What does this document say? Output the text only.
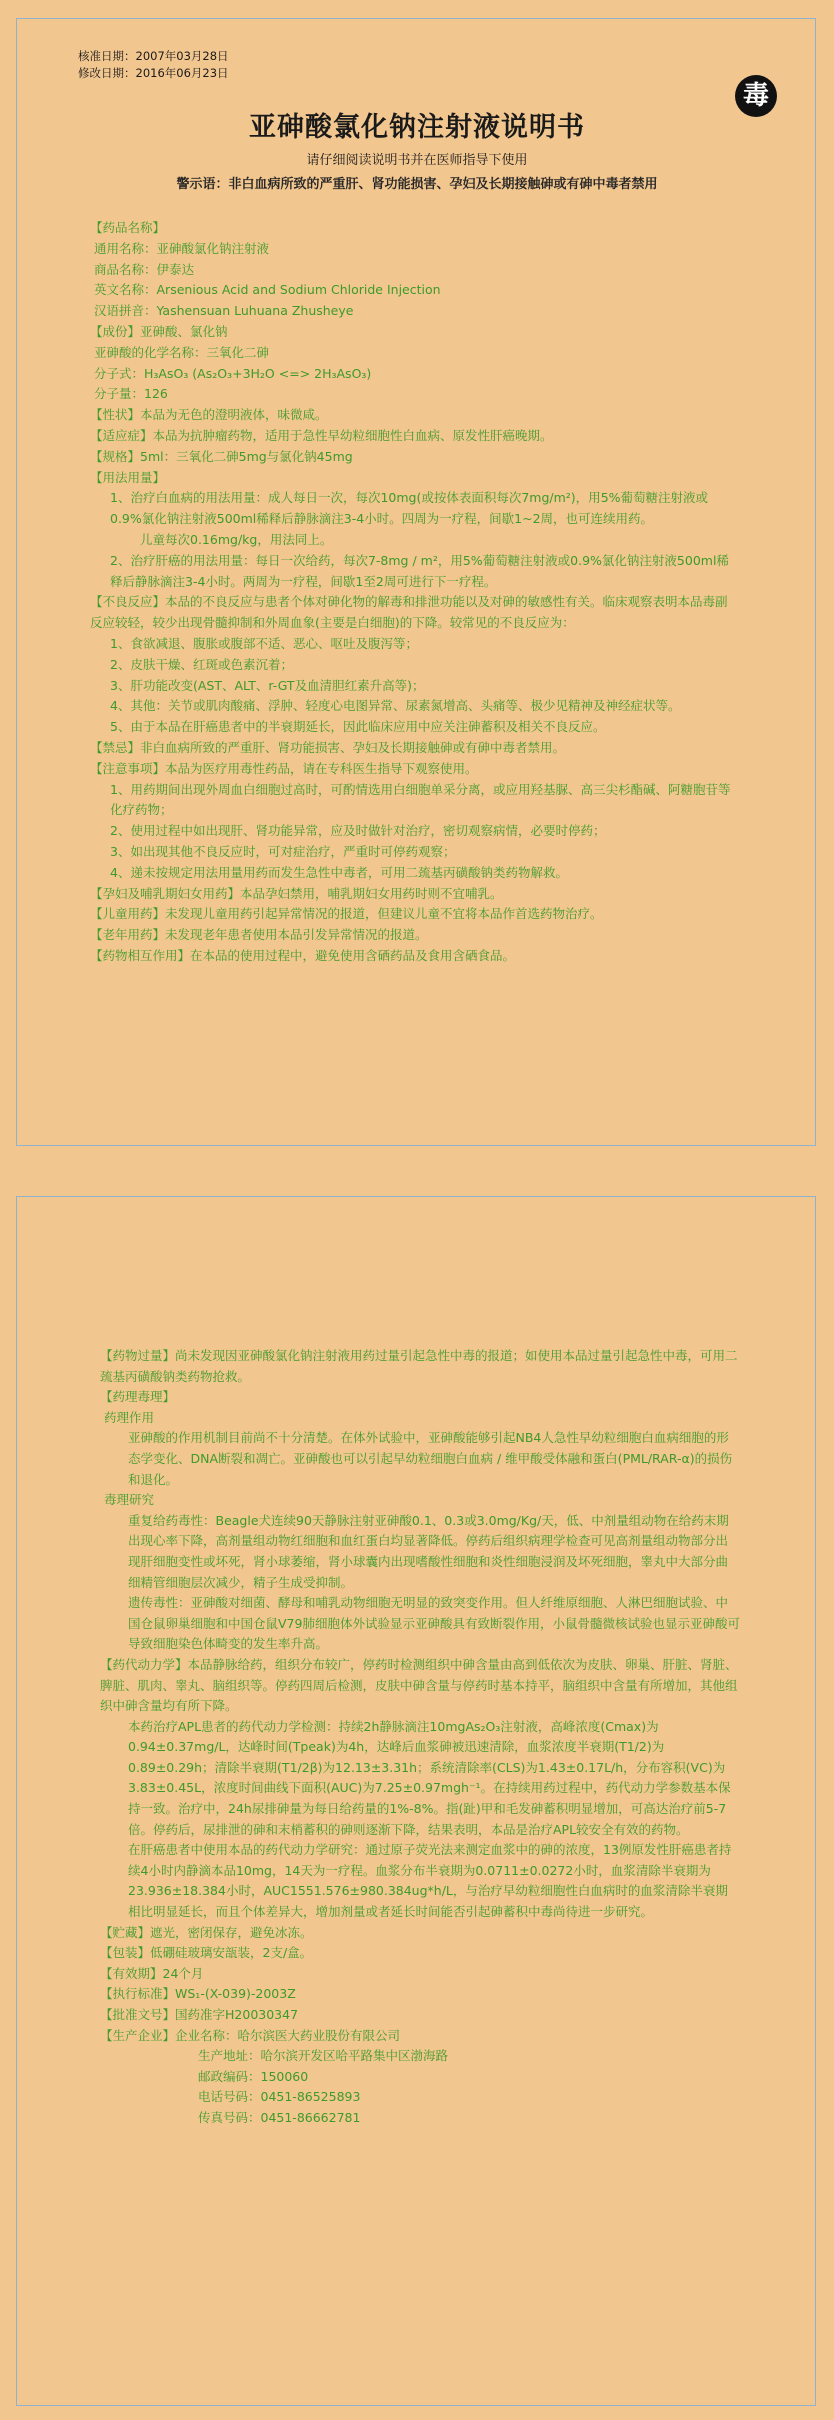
核准日期：2007年03月28日
修改日期：2016年06月23日
毒
亚砷酸氯化钠注射液说明书
请仔细阅读说明书并在医师指导下使用
警示语：非白血病所致的严重肝、肾功能损害、孕妇及长期接触砷或有砷中毒者禁用

【药品名称】

通用名称：亚砷酸氯化钠注射液

商品名称：伊泰达

英文名称：Arsenious Acid and Sodium Chloride Injection

汉语拼音：Yashensuan Luhuana Zhusheye

【成份】亚砷酸、氯化钠

亚砷酸的化学名称：三氧化二砷

分子式：H₃AsO₃ (As₂O₃+3H₂O <=> 2H₃AsO₃)

分子量：126

【性状】本品为无色的澄明液体，味微咸。

【适应症】本品为抗肿瘤药物，适用于急性早幼粒细胞性白血病、原发性肝癌晚期。

【规格】5ml：三氧化二砷5mg与氯化钠45mg

【用法用量】

1、治疗白血病的用法用量：成人每日一次，每次10mg(或按体表面积每次7mg/m²)，用5%葡萄糖注射液或0.9%氯化钠注射液500ml稀释后静脉滴注3-4小时。四周为一疗程，间歇1~2周，也可连续用药。

儿童每次0.16mg/kg，用法同上。

2、治疗肝癌的用法用量：每日一次给药，每次7-8mg / m²，用5%葡萄糖注射液或0.9%氯化钠注射液500ml稀释后静脉滴注3-4小时。两周为一疗程，间歇1至2周可进行下一疗程。

【不良反应】本品的不良反应与患者个体对砷化物的解毒和排泄功能以及对砷的敏感性有关。临床观察表明本品毒副反应较轻，较少出现骨髓抑制和外周血象(主要是白细胞)的下降。较常见的不良反应为：

1、食欲减退、腹胀或腹部不适、恶心、呕吐及腹泻等；

2、皮肤干燥、红斑或色素沉着；

3、肝功能改变(AST、ALT、r-GT及血清胆红素升高等)；

4、其他：关节或肌肉酸痛、浮肿、轻度心电图异常、尿素氮增高、头痛等、极少见精神及神经症状等。

5、由于本品在肝癌患者中的半衰期延长，因此临床应用中应关注砷蓄积及相关不良反应。

【禁忌】非白血病所致的严重肝、肾功能损害、孕妇及长期接触砷或有砷中毒者禁用。

【注意事项】本品为医疗用毒性药品，请在专科医生指导下观察使用。

1、用药期间出现外周血白细胞过高时，可酌情选用白细胞单采分离，或应用羟基脲、高三尖杉酯碱、阿糖胞苷等化疗药物；

2、使用过程中如出现肝、肾功能异常，应及时做针对治疗，密切观察病情，必要时停药；

3、如出现其他不良反应时，可对症治疗，严重时可停药观察；

4、递未按规定用法用量用药而发生急性中毒者，可用二巯基丙磺酸钠类药物解救。

【孕妇及哺乳期妇女用药】本品孕妇禁用，哺乳期妇女用药时则不宜哺乳。

【儿童用药】未发现儿童用药引起异常情况的报道，但建议儿童不宜将本品作首选药物治疗。

【老年用药】未发现老年患者使用本品引发异常情况的报道。

【药物相互作用】在本品的使用过程中，避免使用含硒药品及食用含硒食品。

【药物过量】尚未发现因亚砷酸氯化钠注射液用药过量引起急性中毒的报道；如使用本品过量引起急性中毒，可用二巯基丙磺酸钠类药物抢救。

【药理毒理】

药理作用

亚砷酸的作用机制目前尚不十分清楚。在体外试验中，亚砷酸能够引起NB4人急性早幼粒细胞白血病细胞的形态学变化、DNA断裂和凋亡。亚砷酸也可以引起早幼粒细胞白血病 / 维甲酸受体融和蛋白(PML/RAR-α)的损伤和退化。

毒理研究

重复给药毒性：Beagle犬连续90天静脉注射亚砷酸0.1、0.3或3.0mg/Kg/天，低、中剂量组动物在给药末期出现心率下降，高剂量组动物红细胞和血红蛋白均显著降低。停药后组织病理学检查可见高剂量组动物部分出现肝细胞变性或坏死，肾小球萎缩，肾小球囊内出现嗜酸性细胞和炎性细胞浸润及坏死细胞，睾丸中大部分曲细精管细胞层次减少，精子生成受抑制。

遗传毒性：亚砷酸对细菌、酵母和哺乳动物细胞无明显的致突变作用。但人纤维原细胞、人淋巴细胞试验、中国仓鼠卵巢细胞和中国仓鼠V79肺细胞体外试验显示亚砷酸具有致断裂作用，小鼠骨髓微核试验也显示亚砷酸可导致细胞染色体畸变的发生率升高。

【药代动力学】本品静脉给药，组织分布较广，停药时检测组织中砷含量由高到低依次为皮肤、卵巢、肝脏、肾脏、脾脏、肌肉、睾丸、脑组织等。停药四周后检测，皮肤中砷含量与停药时基本持平，脑组织中含量有所增加，其他组织中砷含量均有所下降。

本药治疗APL患者的药代动力学检测：持续2h静脉滴注10mgAs₂O₃注射液，高峰浓度(Cmax)为0.94±0.37mg/L，达峰时间(Tpeak)为4h，达峰后血浆砷被迅速清除，血浆浓度半衰期(T1/2)为0.89±0.29h；清除半衰期(T1/2β)为12.13±3.31h；系统清除率(CLS)为1.43±0.17L/h，分布容积(VC)为3.83±0.45L，浓度时间曲线下面积(AUC)为7.25±0.97mgh⁻¹。在持续用药过程中，药代动力学参数基本保持一致。治疗中，24h尿排砷量为每日给药量的1%-8%。指(趾)甲和毛发砷蓄积明显增加，可高达治疗前5-7倍。停药后，尿排泄的砷和末梢蓄积的砷则逐渐下降，结果表明，本品是治疗APL较安全有效的药物。

在肝癌患者中使用本品的药代动力学研究：通过原子荧光法来测定血浆中的砷的浓度，13例原发性肝癌患者持续4小时内静滴本品10mg，14天为一疗程。血浆分布半衰期为0.0711±0.0272小时，血浆清除半衰期为23.936±18.384小时，AUC1551.576±980.384ug*h/L，与治疗早幼粒细胞性白血病时的血浆清除半衰期相比明显延长，而且个体差异大，增加剂量或者延长时间能否引起砷蓄积中毒尚待进一步研究。

【贮藏】遮光，密闭保存，避免冰冻。

【包装】低硼硅玻璃安瓿装，2支/盒。

【有效期】24个月

【执行标准】WS₁-(X-039)-2003Z

【批准文号】国药准字H20030347

【生产企业】企业名称：哈尔滨医大药业股份有限公司

生产地址：哈尔滨开发区哈平路集中区渤海路

邮政编码：150060

电话号码：0451-86525893

传真号码：0451-86662781
